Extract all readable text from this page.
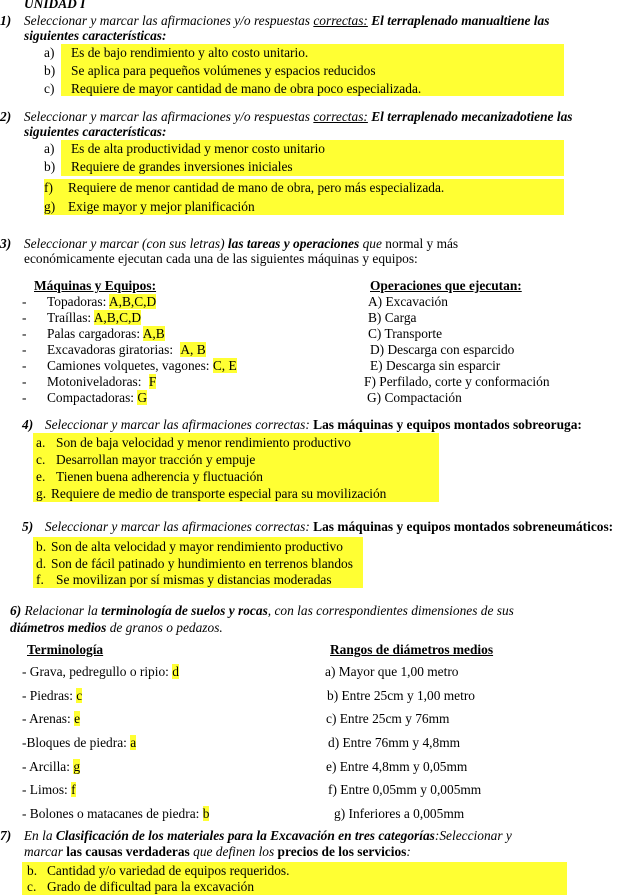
UNIDAD I
1) Seleccionar y marcar las afirmaciones y/o respuestas correctas: El terraplenado manualtiene las
siguientes características:
a) Es de bajo rendimiento y alto costo unitario.
b) Se aplica para pequeños volúmenes y espacios reducidos
c) Requiere de mayor cantidad de mano de obra poco especializada.
2) Seleccionar y marcar las afirmaciones y/o respuestas correctas: El terraplenado mecanizadotiene las
siguientes características:
a) Es de alta productividad y menor costo unitario
b) Requiere de grandes inversiones iniciales
f) Requiere de menor cantidad de mano de obra, pero más especializada.
g) Exige mayor y mejor planificación
3) Seleccionar y marcar (con sus letras) las tareas y operaciones que normal y más
económicamente ejecutan cada una de las siguientes máquinas y equipos:
Máquinas y Equipos:	Operaciones que ejecutan:
- Topadoras: A,B,C,D
- Traíllas: A,B,C,D
- Palas cargadoras: A,B
- Excavadoras giratorias: A, B
- Camiones volquetes, vagones: C, E
- Motoniveladoras: F
- Compactadoras: G
A) Excavación
B) Carga
C) Transporte
D) Descarga con esparcido
E) Descarga sin esparcir
F) Perfilado, corte y conformación
G) Compactación
4) Seleccionar y marcar las afirmaciones correctas: Las máquinas y equipos montados sobreoruga:
a. Son de baja velocidad y menor rendimiento productivo
c. Desarrollan mayor tracción y empuje
e. Tienen buena adherencia y fluctuación
g. Requiere de medio de transporte especial para su movilización
5) Seleccionar y marcar las afirmaciones correctas: Las máquinas y equipos montados sobreneumáticos:
b. Son de alta velocidad y mayor rendimiento productivo
d. Son de fácil patinado y hundimiento en terrenos blandos
f. Se movilizan por sí mismas y distancias moderadas
6) Relacionar la terminología de suelos y rocas, con las correspondientes dimensiones de sus
diámetros medios de granos o pedazos.
Terminología	Rangos de diámetros medios
- Grava, pedregullo o ripio: d
- Piedras: c
- Arenas: e
-Bloques de piedra: a
- Arcilla: g
- Limos: f
- Bolones o matacanes de piedra: b
a) Mayor que 1,00 metro
b) Entre 25cm y 1,00 metro
c) Entre 25cm y 76mm
d) Entre 76mm y 4,8mm
e) Entre 4,8mm y 0,05mm
f) Entre 0,05mm y 0,005mm
g) Inferiores a 0,005mm
7) En la Clasificación de los materiales para la Excavación en tres categorías:Seleccionar y
marcar las causas verdaderas que definen los precios de los servicios:
b. Cantidad y/o variedad de equipos requeridos.
c. Grado de dificultad para la excavación
